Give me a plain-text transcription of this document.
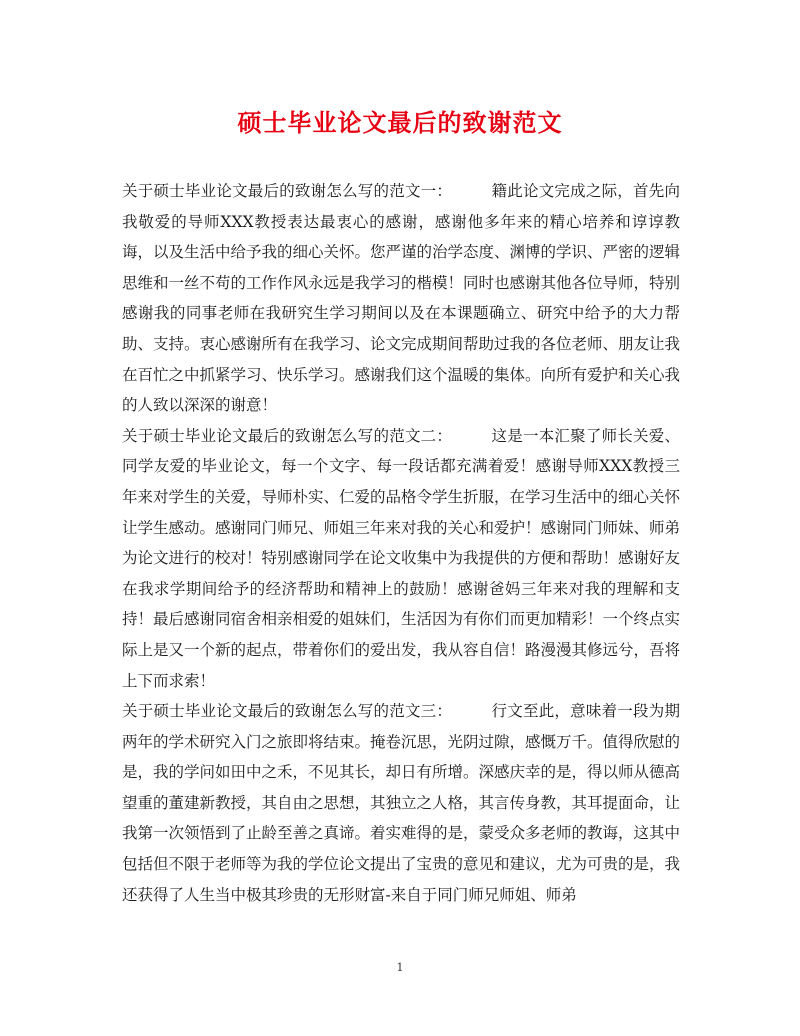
硕士毕业论文最后的致谢范文

关于硕士毕业论文最后的致谢怎么写的范文一：　　　	籍此论文完成之际，首先向我敬爱的导师XXX教授表达最衷心的感谢，感谢他多年来的精心培养和谆谆教诲，以及生活中给予我的细心关怀。您严谨的治学态度、渊博的学识、严密的逻辑思维和一丝不苟的工作作风永远是我学习的楷模！同时也感谢其他各位导师，特别感谢我的同事老师在我研究生学习期间以及在本课题确立、研究中给予的大力帮助、支持。衷心感谢所有在我学习、论文完成期间帮助过我的各位老师、朋友让我在百忙之中抓紧学习、快乐学习。感谢我们这个温暖的集体。向所有爱护和关心我的人致以深深的谢意！

关于硕士毕业论文最后的致谢怎么写的范文二：　　　	这是一本汇聚了师长关爱、同学友爱的毕业论文，每一个文字、每一段话都充满着爱！感谢导师XXX教授三年来对学生的关爱，导师朴实、仁爱的品格令学生折服，在学习生活中的细心关怀让学生感动。感谢同门师兄、师姐三年来对我的关心和爱护！感谢同门师妹、师弟为论文进行的校对！特别感谢同学在论文收集中为我提供的方便和帮助！感谢好友在我求学期间给予的经济帮助和精神上的鼓励！感谢爸妈三年来对我的理解和支持！最后感谢同宿舍相亲相爱的姐妹们，生活因为有你们而更加精彩！一个终点实际上是又一个新的起点，带着你们的爱出发，我从容自信！路漫漫其修远兮，吾将上下而求索！

关于硕士毕业论文最后的致谢怎么写的范文三：　　　	行文至此，意味着一段为期两年的学术研究入门之旅即将结束。掩卷沉思，光阴过隙，感慨万千。值得欣慰的是，我的学问如田中之禾，不见其长，却日有所增。深感庆幸的是，得以师从德高望重的董建新教授，其自由之思想，其独立之人格，其言传身教，其耳提面命，让我第一次领悟到了止龄至善之真谛。着实难得的是，蒙受众多老师的教诲，这其中包括但不限于老师等为我的学位论文提出了宝贵的意见和建议，尤为可贵的是，我还获得了人生当中极其珍贵的无形财富-来自于同门师兄师姐、师弟

1
